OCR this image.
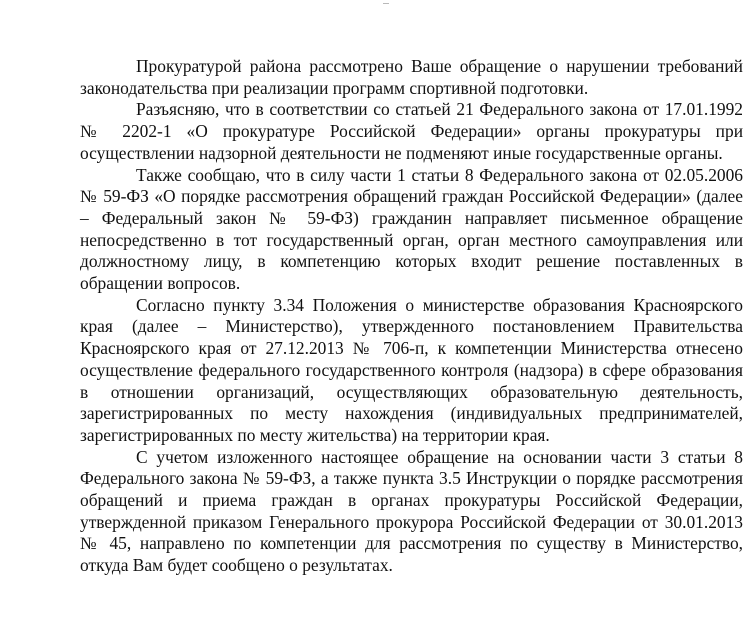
Прокуратурой района рассмотрено Ваше обращение о нарушении требований законодательства при реализации программ спортивной подготовки.

Разъясняю, что в соответствии со статьей 21 Федерального закона от 17.01.1992 № 2202-1 «О прокуратуре Российской Федерации» органы прокуратуры при осуществлении надзорной деятельности не подменяют иные государственные органы.

Также сообщаю, что в силу части 1 статьи 8 Федерального закона от 02.05.2006 № 59-ФЗ «О порядке рассмотрения обращений граждан Российской Федерации» (далее – Федеральный закон № 59-ФЗ) гражданин направляет письменное обращение непосредственно в тот государственный орган, орган местного самоуправления или должностному лицу, в компетенцию которых входит решение поставленных в обращении вопросов.

Согласно пункту 3.34 Положения о министерстве образования Красноярского края (далее – Министерство), утвержденного постановлением Правительства Красноярского края от 27.12.2013 № 706-п, к компетенции Министерства отнесено осуществление федерального государственного контроля (надзора) в сфере образования в отношении организаций, осуществляющих образовательную деятельность, зарегистрированных по месту нахождения (индивидуальных предпринимателей, зарегистрированных по месту жительства) на территории края.

С учетом изложенного настоящее обращение на основании части 3 статьи 8 Федерального закона № 59-ФЗ, а также пункта 3.5 Инструкции о порядке рассмотрения обращений и приема граждан в органах прокуратуры Российской Федерации, утвержденной приказом Генерального прокурора Российской Федерации от 30.01.2013 № 45, направлено по компетенции для рассмотрения по существу в Министерство, откуда Вам будет сообщено о результатах.
